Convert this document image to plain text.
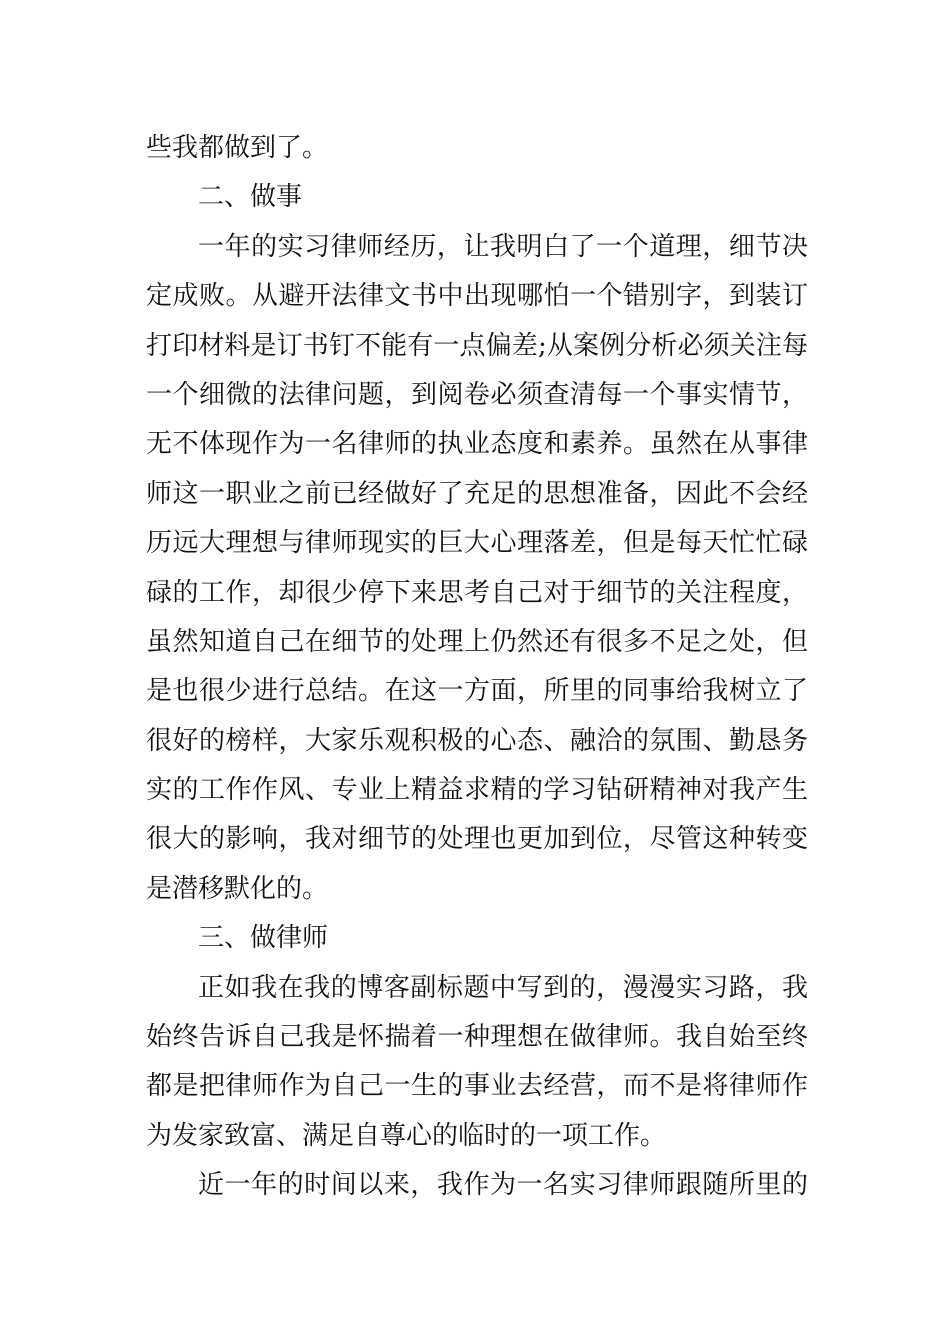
些我都做到了。
二、做事
一年的实习律师经历，让我明白了一个道理，细节决
定成败。从避开法律文书中出现哪怕一个错别字，到装订
打印材料是订书钉不能有一点偏差;从案例分析必须关注每
一个细微的法律问题，到阅卷必须查清每一个事实情节，
无不体现作为一名律师的执业态度和素养。虽然在从事律
师这一职业之前已经做好了充足的思想准备，因此不会经
历远大理想与律师现实的巨大心理落差，但是每天忙忙碌
碌的工作，却很少停下来思考自己对于细节的关注程度，
虽然知道自己在细节的处理上仍然还有很多不足之处，但
是也很少进行总结。在这一方面，所里的同事给我树立了
很好的榜样，大家乐观积极的心态、融洽的氛围、勤恳务
实的工作作风、专业上精益求精的学习钻研精神对我产生
很大的影响，我对细节的处理也更加到位，尽管这种转变
是潜移默化的。
三、做律师
正如我在我的博客副标题中写到的，漫漫实习路，我
始终告诉自己我是怀揣着一种理想在做律师。我自始至终
都是把律师作为自己一生的事业去经营，而不是将律师作
为发家致富、满足自尊心的临时的一项工作。
近一年的时间以来，我作为一名实习律师跟随所里的
